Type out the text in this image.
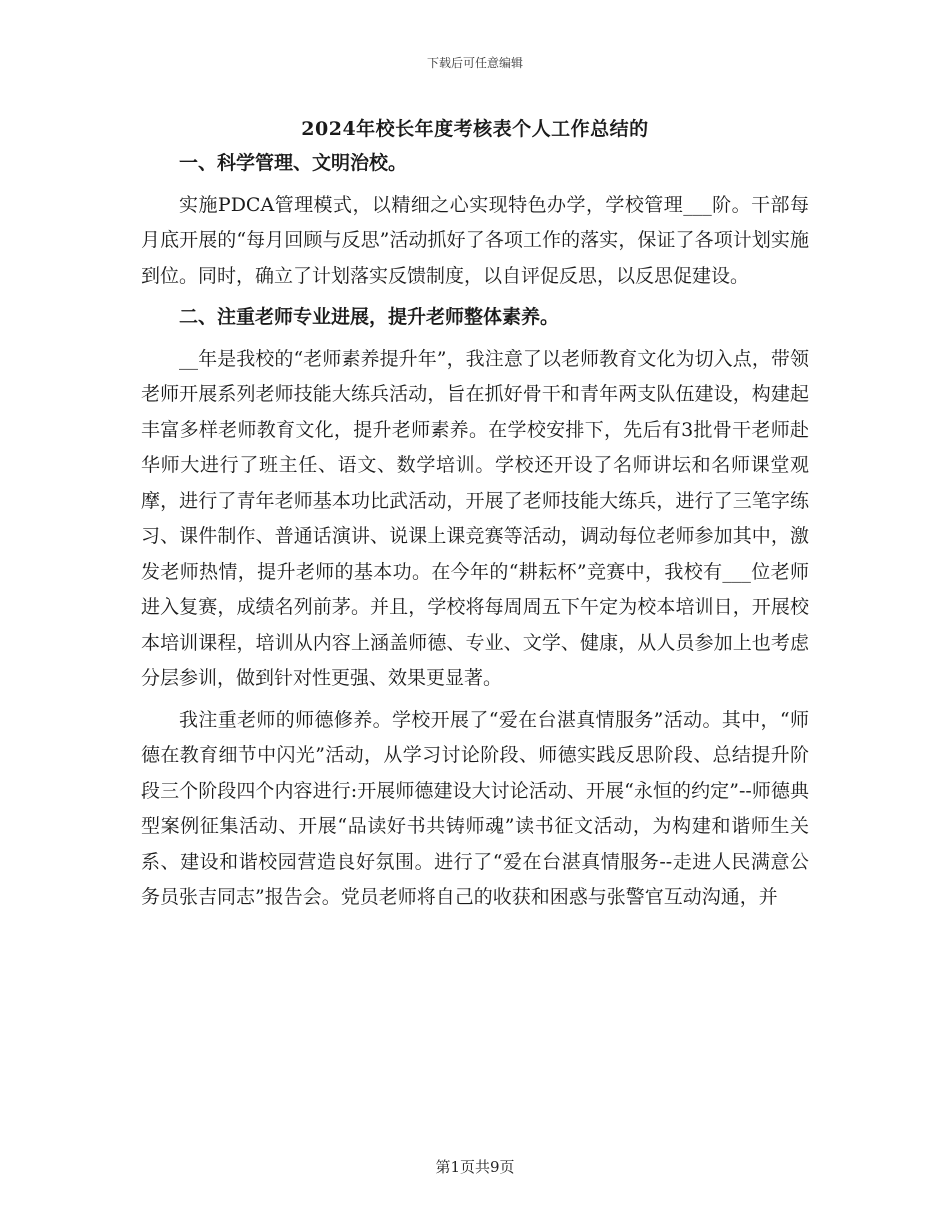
下载后可任意编辑
2024年校长年度考核表个人工作总结的
一、科学管理、文明治校。

实施PDCA管理模式，以精细之心实现特色办学，学校管理___阶。干部每月底开展的“每月回顾与反思”活动抓好了各项工作的落实，保证了各项计划实施到位。同时，确立了计划落实反馈制度，以自评促反思，以反思促建设。

二、注重老师专业进展，提升老师整体素养。

__年是我校的“老师素养提升年”，我注意了以老师教育文化为切入点，带领老师开展系列老师技能大练兵活动，旨在抓好骨干和青年两支队伍建设，构建起丰富多样老师教育文化，提升老师素养。在学校安排下，先后有3批骨干老师赴华师大进行了班主任、语文、数学培训。学校还开设了名师讲坛和名师课堂观摩，进行了青年老师基本功比武活动，开展了老师技能大练兵，进行了三笔字练习、课件制作、普通话演讲、说课上课竞赛等活动，调动每位老师参加其中，激发老师热情，提升老师的基本功。在今年的“耕耘杯”竞赛中，我校有___位老师进入复赛，成绩名列前茅。并且，学校将每周周五下午定为校本培训日，开展校本培训课程，培训从内容上涵盖师德、专业、文学、健康，从人员参加上也考虑分层参训，做到针对性更强、效果更显著。

我注重老师的师德修养。学校开展了“爱在台湛真情服务”活动。其中，“师德在教育细节中闪光”活动，从学习讨论阶段、师德实践反思阶段、总结提升阶段三个阶段四个内容进行:开展师德建设大讨论活动、开展“永恒的约定”--师德典型案例征集活动、开展“品读好书共铸师魂”读书征文活动，为构建和谐师生关系、建设和谐校园营造良好氛围。进行了“爱在台湛真情服务--走进人民满意公务员张吉同志”报告会。党员老师将自己的收获和困惑与张警官互动沟通，并

第1页共9页
